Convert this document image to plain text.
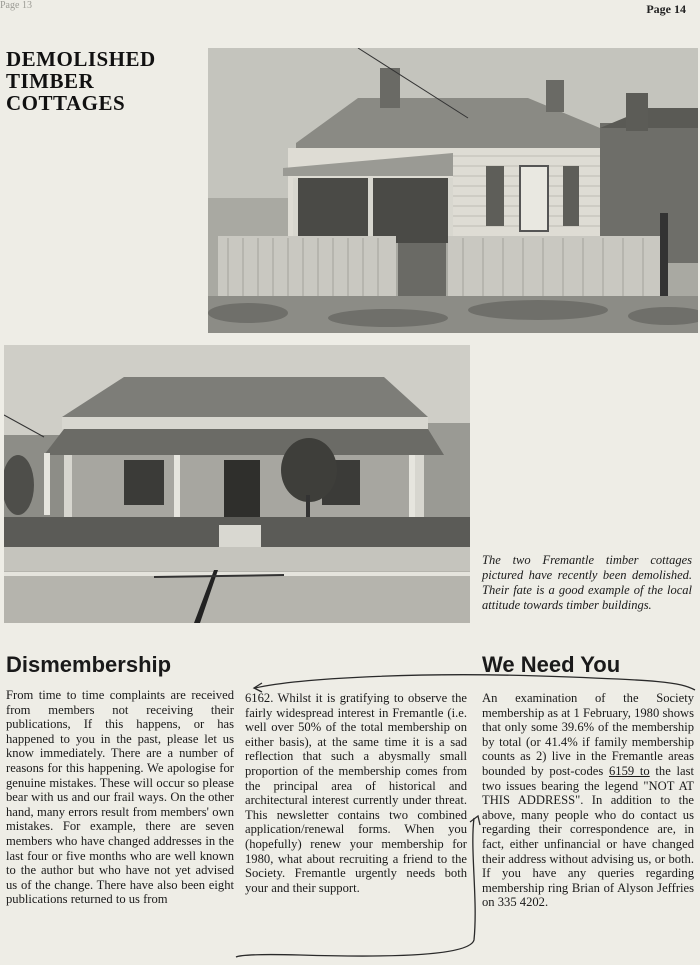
Page 13	Page 14
DEMOLISHED
TIMBER
COTTAGES
The two Fremantle timber cottages pictured have recently been demolished. Their fate is a good example of the local attitude towards timber buildings.
Dismembership	We Need You
From time to time complaints are received from members not receiving their publications, If this happens, or has happened to you in the past, please let us know immediately. There are a number of reasons for this happening. We apologise for genuine mistakes. These will occur so please bear with us and our frail ways. On the other hand, many errors result from members' own mistakes. For example, there are seven members who have changed addresses in the last four or five months who are well known to the author but who have not yet advised us of the change. There have also been eight publications returned to us from
6162. Whilst it is gratifying to observe the fairly widespread interest in Fremantle (i.e. well over 50% of the total membership on either basis), at the same time it is a sad reflection that such a abysmally small proportion of the membership comes from the principal area of historical and architectural interest currently under threat. This newsletter contains two combined application/renewal forms. When you (hopefully) renew your membership for 1980, what about recruiting a friend to the Society. Fremantle urgently needs both your and their support.
An examination of the Society membership as at 1 February, 1980 shows that only some 39.6% of the membership by total (or 41.4% if family membership counts as 2) live in the Fremantle areas bounded by post-codes 6159 to the last two issues bearing the legend "NOT AT THIS ADDRESS". In addition to the above, many people who do contact us regarding their correspondence are, in fact, either unfinancial or have changed their address without advising us, or both. If you have any queries regarding membership ring Brian of Alyson Jeffries on 335 4202.
